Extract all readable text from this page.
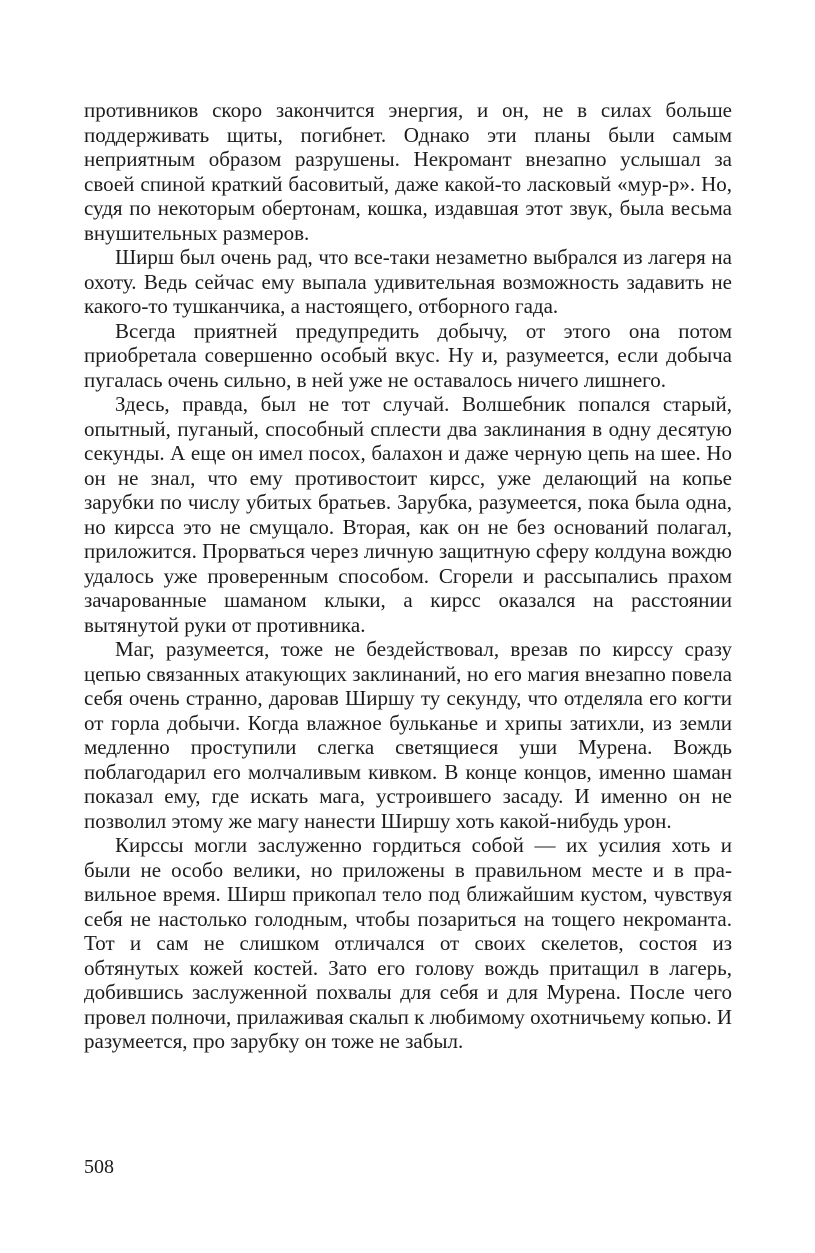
противников скоро закончится энергия, и он, не в силах больше поддерживать щиты, погибнет. Однако эти планы были самым неприятным образом разрушены. Некромант внезапно услышал за своей спиной краткий басовитый, даже какой-то ласковый «мур-р». Но, судя по некоторым обертонам, кошка, издавшая этот звук, была весьма внушительных размеров.

Ширш был очень рад, что все-таки незаметно выбрался из лагеря на охоту. Ведь сейчас ему выпала удивительная возможность задавить не какого-то тушканчика, а настоящего, отборного гада.

Всегда приятней предупредить добычу, от этого она потом приобретала совершенно особый вкус. Ну и, разумеется, если добыча пугалась очень сильно, в ней уже не оставалось ничего лишнего.

Здесь, правда, был не тот случай. Волшебник попался старый, опытный, пуганый, способный сплести два заклинания в одну десятую секунды. А еще он имел посох, балахон и даже черную цепь на шее. Но он не знал, что ему противостоит кирсс, уже делающий на копье зарубки по числу убитых братьев. Зарубка, разумеется, пока была одна, но кирсса это не смущало. Вторая, как он не без оснований полагал, приложится. Прорваться через личную защитную сферу колдуна вождю удалось уже проверенным способом. Сгорели и рассыпались прахом зачарованные шаманом клыки, а кирсс оказался на расстоянии вытянутой руки от противника.

Маг, разумеется, тоже не бездействовал, врезав по кирссу сразу цепью связанных атакующих заклинаний, но его магия внезапно повела себя очень странно, даровав Ширшу ту секунду, что отделяла его когти от горла добычи. Когда влажное бульканье и хрипы затихли, из земли медленно проступили слегка светящиеся уши Мурена. Вождь поблагодарил его молчаливым кивком. В конце концов, именно шаман показал ему, где искать мага, устроившего засаду. И именно он не позволил этому же магу нанести Ширшу хоть какой-нибудь урон.

Кирссы могли заслуженно гордиться собой — их усилия хоть и были не особо велики, но приложены в правильном месте и в правильное время. Ширш прикопал тело под ближайшим кустом, чувствуя себя не настолько голодным, чтобы позариться на тощего некроманта. Тот и сам не слишком отличался от своих скелетов, состоя из обтянутых кожей костей. Зато его голову вождь притащил в лагерь, добившись заслуженной похвалы для себя и для Мурена. После чего провел полночи, прилаживая скальп к любимому охотничьему копью. И разумеется, про зарубку он тоже не забыл.

508
